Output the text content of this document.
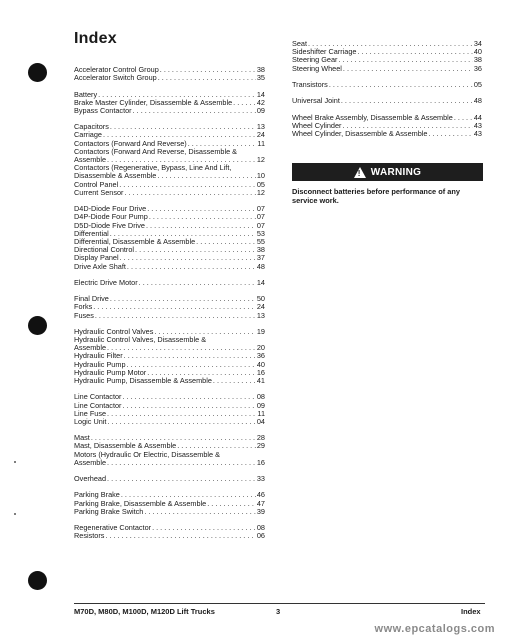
Index
Accelerator Control Group . . .	38
Accelerator Switch Group . . .	35
Battery . . .	14
Brake Master Cylinder, Disassemble & Assemble . . .	42
Bypass Contactor . . .	09
Capacitors . . .	13
Carriage . . .	24
Contactors (Forward And Reverse) . . .	11
Contactors (Forward And Reverse, Disassemble &
Assemble . . .	12
Contactors (Regenerative, Bypass, Line And Lift,
Disassemble & Assemble . . .	10
Control Panel . . .	05
Current Sensor . . .	12
D4D-Diode Four Drive . . .	07
D4P-Diode Four Pump . . .	07
D5D-Diode Five Drive . . .	07
Differential . . .	53
Differential, Disassemble & Assemble . . .	55
Directional Control . . .	38
Display Panel . . .	37
Drive Axle Shaft . . .	48
Electric Drive Motor . . .	14
Final Drive . . .	50
Forks . . .	24
Fuses . . .	13
Hydraulic Control Valves . . .	19
Hydraulic Control Valves, Disassemble &
Assemble . . .	20
Hydraulic Filter . . .	36
Hydraulic Pump . . .	40
Hydraulic Pump Motor . . .	16
Hydraulic Pump, Disassemble & Assemble . . .	41
Line Contactor . . .	08
Line Contactor . . .	09
Line Fuse . . .	11
Logic Unit . . .	04
Mast . . .	28
Mast, Disassemble & Assemble . . .	29
Motors (Hydraulic Or Electric, Disassemble &
Assemble . . .	16
Overhead . . .	33
Parking Brake . . .	46
Parking Brake, Disassemble & Assemble . . .	47
Parking Brake Switch . . .	39
Regenerative Contactor . . .	08
Resistors . . .	06
Seat . . .	34
Sideshifter Carriage . . .	40
Steering Gear . . .	38
Steering Wheel . . .	36
Transistors . . .	05
Universal Joint . . .	48
Wheel Brake Assembly, Disassemble & Assemble . . .	44
Wheel Cylinder . . .	43
Wheel Cylinder, Disassemble & Assemble . . .	43
! WARNING
Disconnect batteries before performance of any service work.
M70D, M80D, M100D, M120D Lift Trucks	3	Index
www.epcatalogs.com
